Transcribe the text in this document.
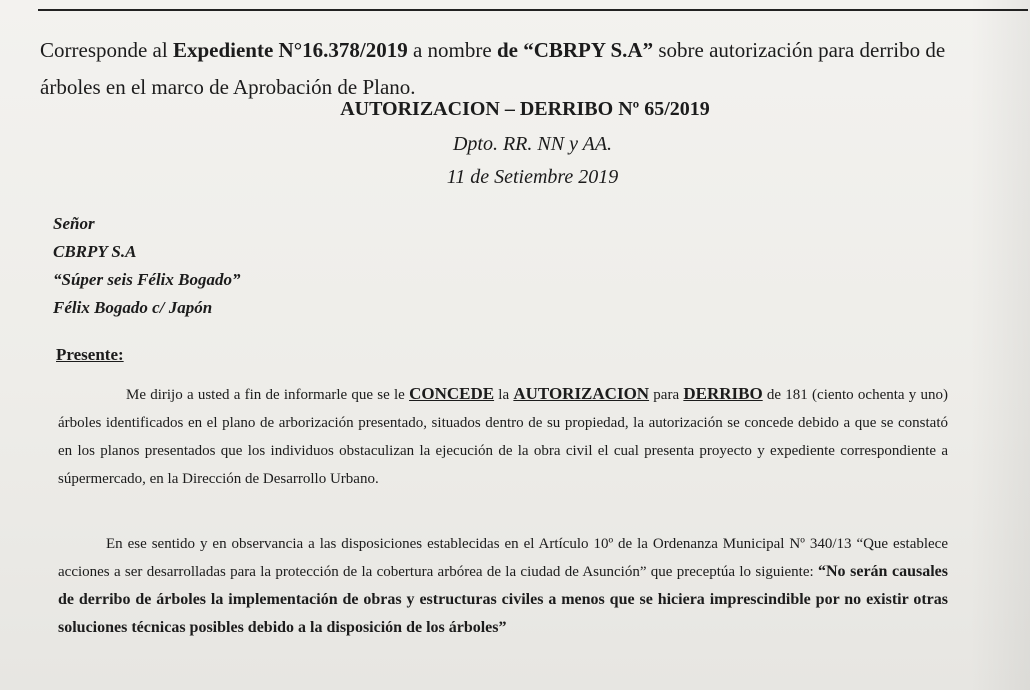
Corresponde al Expediente N°16.378/2019 a nombre de “CBRPY S.A” sobre autorización para derribo de árboles en el marco de Aprobación de Plano.

AUTORIZACION – DERRIBO Nº 65/2019

Dpto. RR. NN y AA.

11 de Setiembre 2019

Señor
CBRPY S.A
“Súper seis Félix Bogado”
Félix Bogado c/ Japón

Presente:

Me dirijo a usted a fin de informarle que se le CONCEDE la AUTORIZACION para DERRIBO de 181 (ciento ochenta y uno) árboles identificados en el plano de arborización presentado, situados dentro de su propiedad, la autorización se concede debido a que se constató en los planos presentados que los individuos obstaculizan la ejecución de la obra civil el cual presenta proyecto y expediente correspondiente a súpermercado, en la Dirección de Desarrollo Urbano.

En ese sentido y en observancia a las disposiciones establecidas en el Artículo 10º de la Ordenanza Municipal Nº 340/13 “Que establece acciones a ser desarrolladas para la protección de la cobertura arbórea de la ciudad de Asunción” que preceptúa lo siguiente: “No serán causales de derribo de árboles la implementación de obras y estructuras civiles a menos que se hiciera imprescindible por no existir otras soluciones técnicas posibles debido a la disposición de los árboles”
